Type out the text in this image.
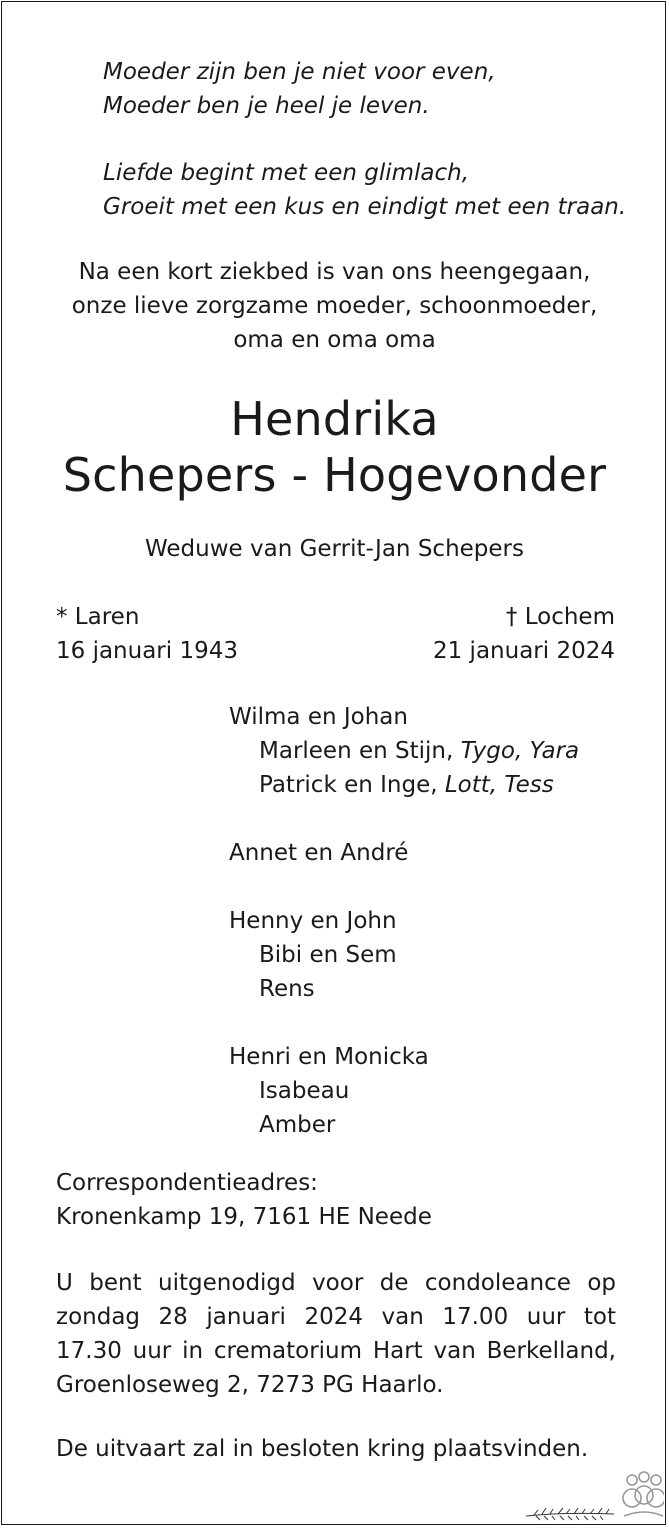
Moeder zijn ben je niet voor even,
Moeder ben je heel je leven.
Liefde begint met een glimlach,
Groeit met een kus en eindigt met een traan.
Na een kort ziekbed is van ons heengegaan,
onze lieve zorgzame moeder, schoonmoeder,
oma en oma oma
Hendrika
Schepers - Hogevonder
Weduwe van Gerrit-Jan Schepers
* Laren
16 januari 1943
† Lochem
21 januari 2024
Wilma en Johan
Marleen en Stijn, Tygo, Yara
Patrick en Inge, Lott, Tess
Annet en André
Henny en John
Bibi en Sem
Rens
Henri en Monicka
Isabeau
Amber
Correspondentieadres:
Kronenkamp 19, 7161 HE Neede
U bent uitgenodigd voor de condoleance op
zondag 28 januari 2024 van 17.00 uur tot
17.30 uur in crematorium Hart van Berkelland,
Groenloseweg 2, 7273 PG Haarlo.
De uitvaart zal in besloten kring plaatsvinden.
